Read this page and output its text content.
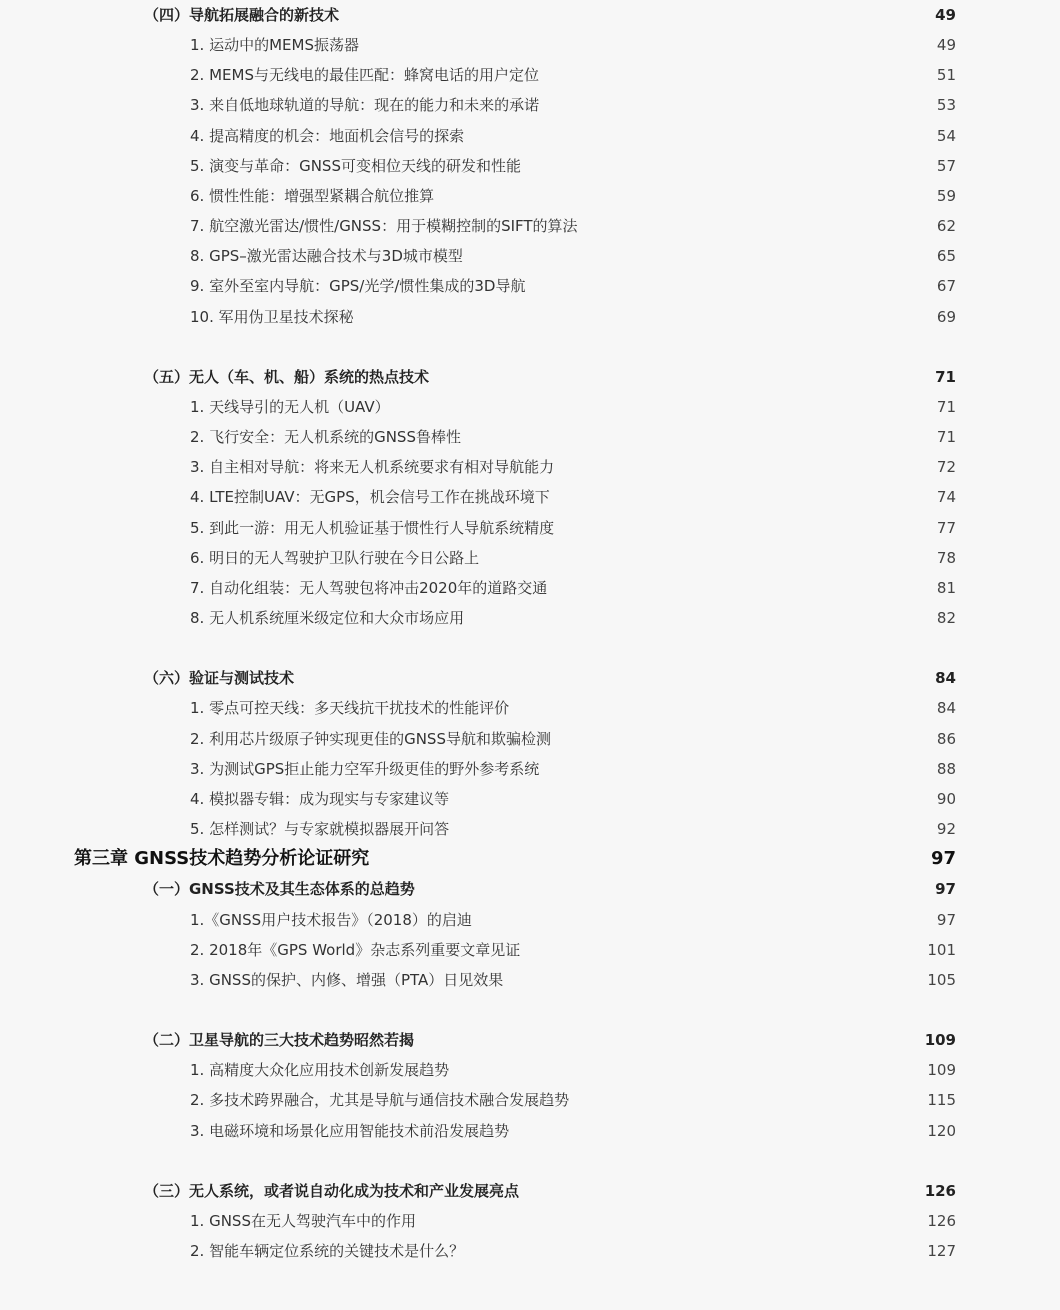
（四）导航拓展融合的新技术	49
1. 运动中的MEMS振荡器	49
2. MEMS与无线电的最佳匹配：蜂窝电话的用户定位	51
3. 来自低地球轨道的导航：现在的能力和未来的承诺	53
4. 提高精度的机会：地面机会信号的探索	54
5. 演变与革命：GNSS可变相位天线的研发和性能	57
6. 惯性性能：增强型紧耦合航位推算	59
7. 航空激光雷达/惯性/GNSS：用于模糊控制的SIFT的算法	62
8. GPS–激光雷达融合技术与3D城市模型	65
9. 室外至室内导航：GPS/光学/惯性集成的3D导航	67
10. 军用伪卫星技术探秘	69
（五）无人（车、机、船）系统的热点技术	71
1. 天线导引的无人机（UAV）	71
2. 飞行安全：无人机系统的GNSS鲁棒性	71
3. 自主相对导航：将来无人机系统要求有相对导航能力	72
4. LTE控制UAV：无GPS，机会信号工作在挑战环境下	74
5. 到此一游：用无人机验证基于惯性行人导航系统精度	77
6. 明日的无人驾驶护卫队行驶在今日公路上	78
7. 自动化组装：无人驾驶包将冲击2020年的道路交通	81
8. 无人机系统厘米级定位和大众市场应用	82
（六）验证与测试技术	84
1. 零点可控天线：多天线抗干扰技术的性能评价	84
2. 利用芯片级原子钟实现更佳的GNSS导航和欺骗检测	86
3. 为测试GPS拒止能力空军升级更佳的野外参考系统	88
4. 模拟器专辑：成为现实与专家建议等	90
5. 怎样测试？与专家就模拟器展开问答	92
第三章 GNSS技术趋势分析论证研究	97
（一）GNSS技术及其生态体系的总趋势	97
1.《GNSS用户技术报告》（2018）的启迪	97
2. 2018年《GPS World》杂志系列重要文章见证	101
3. GNSS的保护、内修、增强（PTA）日见效果	105
（二）卫星导航的三大技术趋势昭然若揭	109
1. 高精度大众化应用技术创新发展趋势	109
2. 多技术跨界融合，尤其是导航与通信技术融合发展趋势	115
3. 电磁环境和场景化应用智能技术前沿发展趋势	120
（三）无人系统，或者说自动化成为技术和产业发展亮点	126
1. GNSS在无人驾驶汽车中的作用	126
2. 智能车辆定位系统的关键技术是什么？	127
